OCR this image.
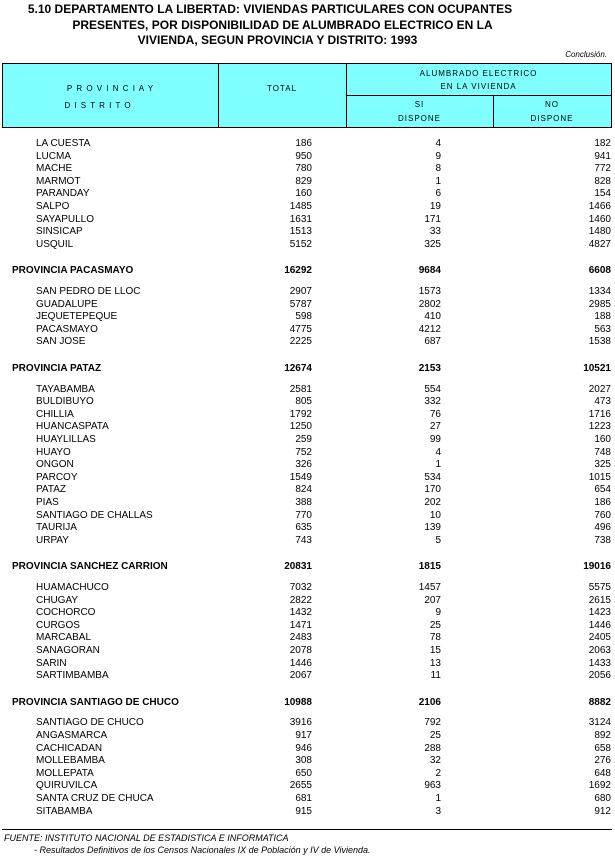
5.10 DEPARTAMENTO LA LIBERTAD: VIVIENDAS PARTICULARES CON OCUPANTES
PRESENTES, POR DISPONIBILIDAD DE ALUMBRADO ELECTRICO EN LA
VIVIENDA, SEGUN PROVINCIA Y DISTRITO: 1993
Conclusión.
P R O V I N C I A Y
D I S T R I T O
TOTAL
ALUMBRADO ELECTRICO
EN LA VIVIENDA
SI
DISPONE
NO
DISPONE
LA CUESTA	186	4	182
LUCMA	950	9	941
MACHE	780	8	772
MARMOT	829	1	828
PARANDAY	160	6	154
SALPO	1485	19	1466
SAYAPULLO	1631	171	1460
SINSICAP	1513	33	1480
USQUIL	5152	325	4827
PROVINCIA PACASMAYO	16292	9684	6608
SAN PEDRO DE LLOC	2907	1573	1334
GUADALUPE	5787	2802	2985
JEQUETEPEQUE	598	410	188
PACASMAYO	4775	4212	563
SAN JOSE	2225	687	1538
PROVINCIA PATAZ	12674	2153	10521
TAYABAMBA	2581	554	2027
BULDIBUYO	805	332	473
CHILLIA	1792	76	1716
HUANCASPATA	1250	27	1223
HUAYLILLAS	259	99	160
HUAYO	752	4	748
ONGON	326	1	325
PARCOY	1549	534	1015
PATAZ	824	170	654
PIAS	388	202	186
SANTIAGO DE CHALLAS	770	10	760
TAURIJA	635	139	496
URPAY	743	5	738
PROVINCIA SANCHEZ CARRION	20831	1815	19016
HUAMACHUCO	7032	1457	5575
CHUGAY	2822	207	2615
COCHORCO	1432	9	1423
CURGOS	1471	25	1446
MARCABAL	2483	78	2405
SANAGORAN	2078	15	2063
SARIN	1446	13	1433
SARTIMBAMBA	2067	11	2056
PROVINCIA SANTIAGO DE CHUCO	10988	2106	8882
SANTIAGO DE CHUCO	3916	792	3124
ANGASMARCA	917	25	892
CACHICADAN	946	288	658
MOLLEBAMBA	308	32	276
MOLLEPATA	650	2	648
QUIRUVILCA	2655	963	1692
SANTA CRUZ DE CHUCA	681	1	680
SITABAMBA	915	3	912
FUENTE: INSTITUTO NACIONAL DE ESTADISTICA E INFORMATICA
- Resultados Definitivos de los Censos Nacionales IX de Población y IV de Vivienda.
